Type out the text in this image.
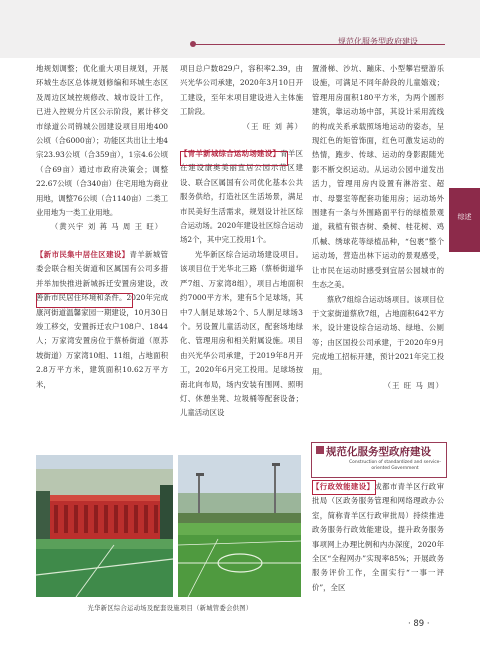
规范化服务型政府建设
综述

地规划调整；优化重大项目规划，开展环城生态区总体规划修编和环城生态区及周边区域控规修改、城市设计工作，已进入控规分片区公示阶段，累计移交市绿道公司锦城公园建设项目用地400公顷（合6000亩）；功能区共出让土地4宗23.93公顷（合359亩），1宗4.6公顷（合69亩）通过市政府决策会；调整22.67公顷（合340亩）住宅用地为商业用地，调整76公顷（合1140亩）二类工业用地为一类工业用地。

（黄兴宇 刘 苒 马 周 王 旺）

【新市民集中居住区建设】青羊新城管委会联合相关街道和区属国有公司多措并举加快推进新城拆迁安置房建设，改善新市民居住环境和条件。2020年完成康河街道温馨家园一期建设，10月30日竣工移交，安置拆迁农户108户、1844人；万家湾安置房位于蔡桥街道（原苏坡街道）万家湾10组、11组，占地面积2.8万平方米，建筑面积10.62万平方米，

项目总户数829户，容积率2.39，由兴光华公司承建，2020年3月10日开工建设，至年末项目建设进入主体施工阶段。

（王 旺 刘 苒）

【青羊新城综合运动场建设】青羊区在建设康奥美丽宜居公园示范区建设、联合区属国有公司优化基本公共服务供给，打造社区生活场景，满足市民美好生活需求，规划设计社区综合运动场。2020年建设社区综合运动场2个，其中完工投用1个。

光华新区综合运动场建设项目。该项目位于光华北三路（蔡桥街道华严7组、万家湾8组），项目占地面积约7000平方米，建有5个足球场，其中7人制足球场2个、5人制足球场3个。另设置儿童活动区，配套场地绿化、管理用房和相关附属设施。项目由兴光华公司承建，于2019年8月开工，2020年6月完工投用。足球场按南北向布局，场内安装有围网、照明灯、休憩坐凳、垃圾桶等配套设备；儿童活动区设

置滑梯、沙坑、蹦床、小型攀岩壁游乐设施，可满足不同年龄段的儿童嬉戏；管理用房面积180平方米，为两个圆形建筑，靠运动场中部，其设计采用流线的构成关系承载照场地运动的姿态，呈现红色的矩管饰面，红色可激发运动的热情，跑步、传球、运动的身影跟随光影不断交织运动。从运动公园中道发出活力，管理用房内设置有淋浴室、超市、母婴室等配套功能用房；运动场外围建有一条与外围路面平行的绿植景观道，栽植有银杏树、桑树、桂花树、鸡爪槭、绣球花等绿植品种，“包裹”整个运动场，营造出林下运动的景观感受，让市民在运动时感受到宜居公园城市的生态之美。

蔡欣7组综合运动场项目。该项目位于文家街道蔡欣7组，占地面积642平方米，设计建设综合运动场、绿地、公厕等；由区国投公司承建，于2020年9月完成地工招标开建，预计2021年完工投用。

（王 旺 马 周）

规范化服务型政府建设
Construction of standardized and service-oriented Government

【行政效能建设】成都市青羊区行政审批局（区政务服务管理和网络理政办公室，简称青羊区行政审批局）持续推进政务服务行政效能建设，提升政务服务事项网上办理比例和内办深度，2020年全区“全程网办”实现率85%；开展政务服务评价工作，全面实行“一事一评价”，全区

光华新区综合运动场及配套设施项目（新城管委会供图）
· 89 ·
